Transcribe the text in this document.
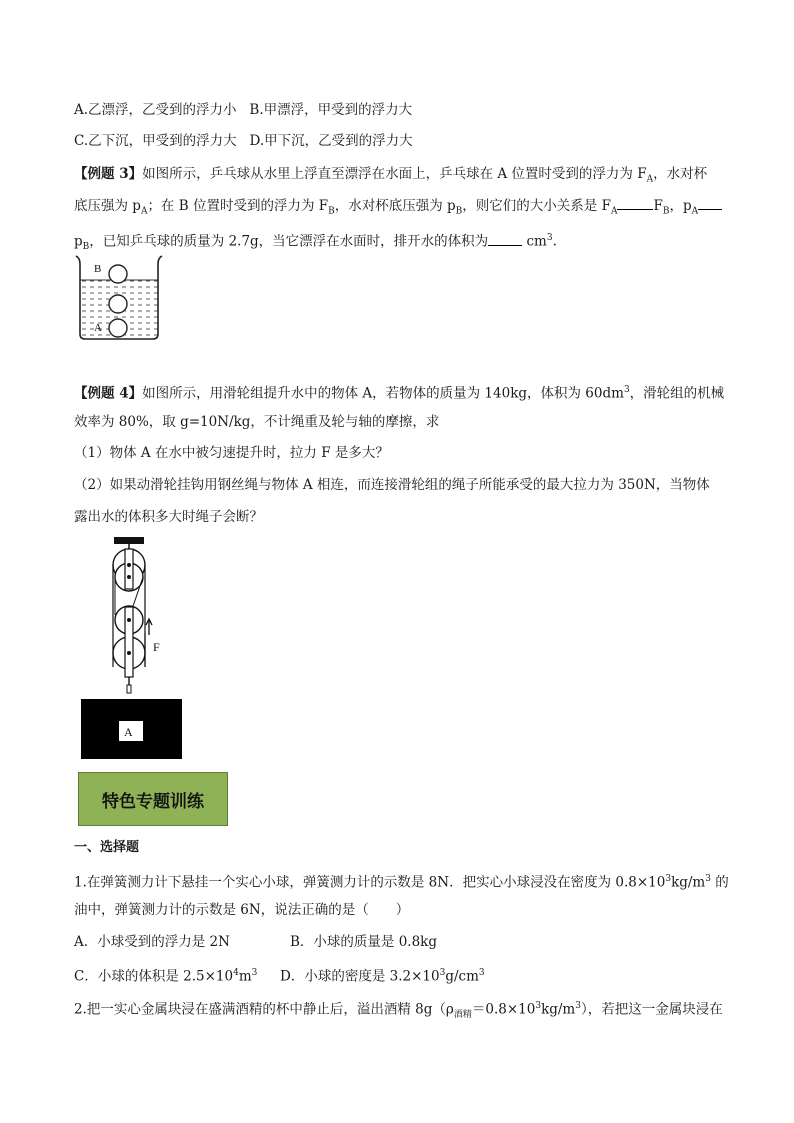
A.乙漂浮，乙受到的浮力小 B.甲漂浮，甲受到的浮力大
C.乙下沉，甲受到的浮力大 D.甲下沉，乙受到的浮力大
【例题 3】如图所示，乒乓球从水里上浮直至漂浮在水面上，乒乓球在 A 位置时受到的浮力为 $F_A$，水对杯
底压强为 $p_A$；在 B 位置时受到的浮力为 $F_B$，水对杯底压强为 $p_B$，则它们的大小关系是 $F_A$	$F_B$，$p_A$
$p_B$，已知乒乓球的质量为 2.7g，当它漂浮在水面时，排开水的体积为	$cm^3$.
B
A
【例题 4】如图所示，用滑轮组提升水中的物体 A，若物体的质量为 140kg，体积为 $60dm^3$，滑轮组的机械
效率为 80%，取 g=10N/kg，不计绳重及轮与轴的摩擦，求
（1）物体 A 在水中被匀速提升时，拉力 F 是多大？
（2）如果动滑轮挂钩用钢丝绳与物体 A 相连，而连接滑轮组的绳子所能承受的最大拉力为 350N，当物体
露出水的体积多大时绳子会断？
F
A
特色专题训练
一、选择题
1.在弹簧测力计下悬挂一个实心小球，弹簧测力计的示数是 8N．把实心小球浸没在密度为 $0.8\times 10^3kg/m^3$ 的
油中，弹簧测力计的示数是 6N，说法正确的是（　　）
A．小球受到的浮力是 2N	B．小球的质量是 0.8kg
C．小球的体积是 $2.5\times 10^4m^3$ D．小球的密度是 $3.2\times 10^3g/cm^3$
2.把一实心金属块浸在盛满酒精的杯中静止后，溢出酒精 $8g(\rho_{酒精}=0.8\times 10^3kg/m^3)$，若把这一金属块浸在
